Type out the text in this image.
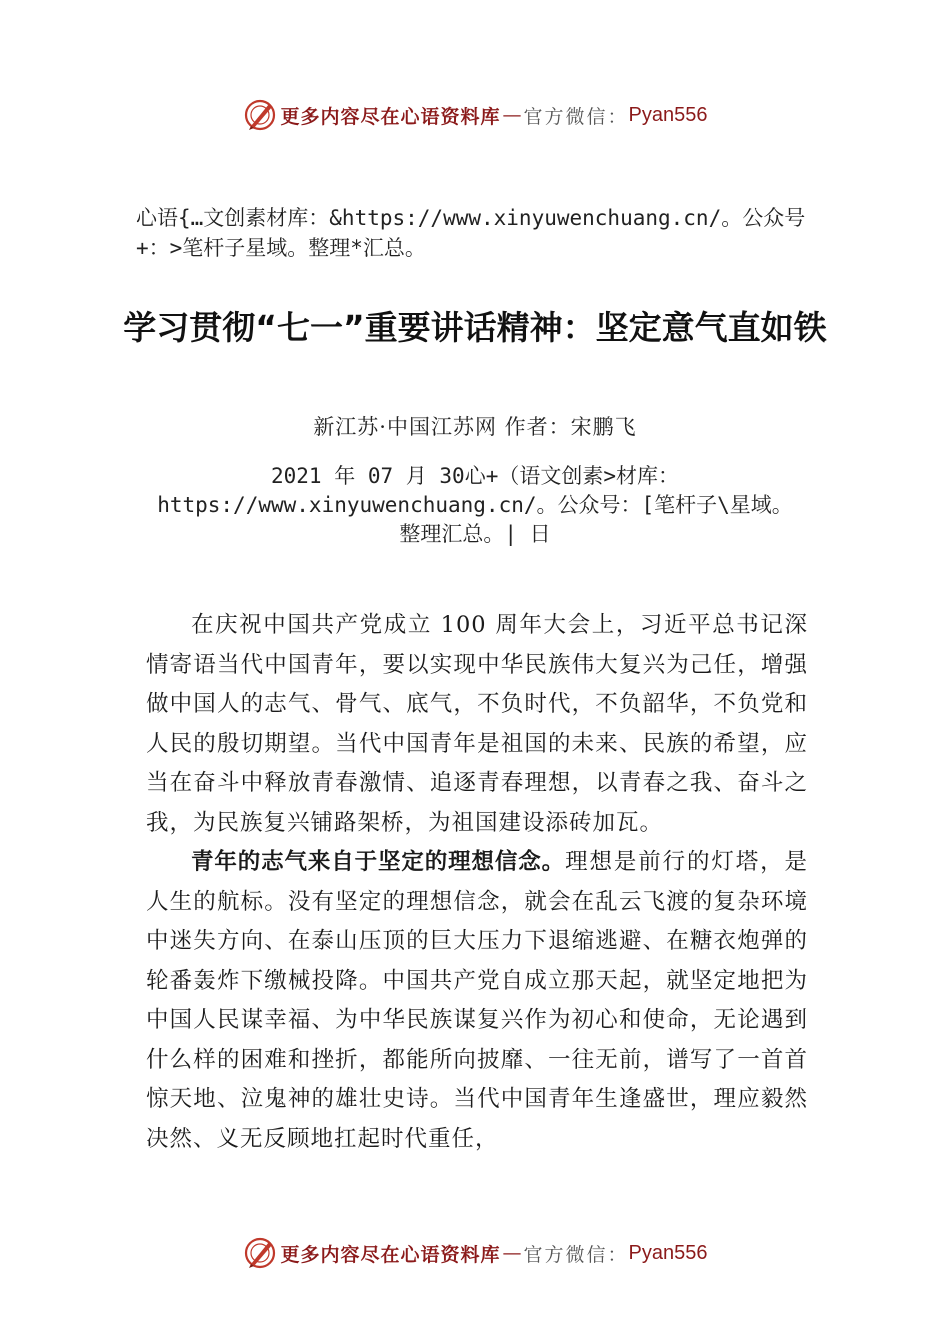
更多内容尽在心语资料库 — 官方微信： Pyan556
心语{…文创素材库：&https://www.xinyuwenchuang.cn/。公众号+：>笔杆子星域。整理*汇总。
学习贯彻“七一”重要讲话精神：坚定意气直如铁
新江苏·中国江苏网 作者：宋鹏飞
2021 年 07 月 30心+（语文创素>材库：https://www.xinyuwenchuang.cn/。公众号：[笔杆子\星域。整理汇总。| 日

在庆祝中国共产党成立 100 周年大会上，习近平总书记深情寄语当代中国青年，要以实现中华民族伟大复兴为己任，增强做中国人的志气、骨气、底气，不负时代，不负韶华，不负党和人民的殷切期望。当代中国青年是祖国的未来、民族的希望，应当在奋斗中释放青春激情、追逐青春理想，以青春之我、奋斗之我，为民族复兴铺路架桥，为祖国建设添砖加瓦。

青年的志气来自于坚定的理想信念。理想是前行的灯塔，是人生的航标。没有坚定的理想信念，就会在乱云飞渡的复杂环境中迷失方向、在泰山压顶的巨大压力下退缩逃避、在糖衣炮弹的轮番轰炸下缴械投降。中国共产党自成立那天起，就坚定地把为中国人民谋幸福、为中华民族谋复兴作为初心和使命，无论遇到什么样的困难和挫折，都能所向披靡、一往无前，谱写了一首首惊天地、泣鬼神的雄壮史诗。当代中国青年生逢盛世，理应毅然决然、义无反顾地扛起时代重任，

更多内容尽在心语资料库 — 官方微信： Pyan556
